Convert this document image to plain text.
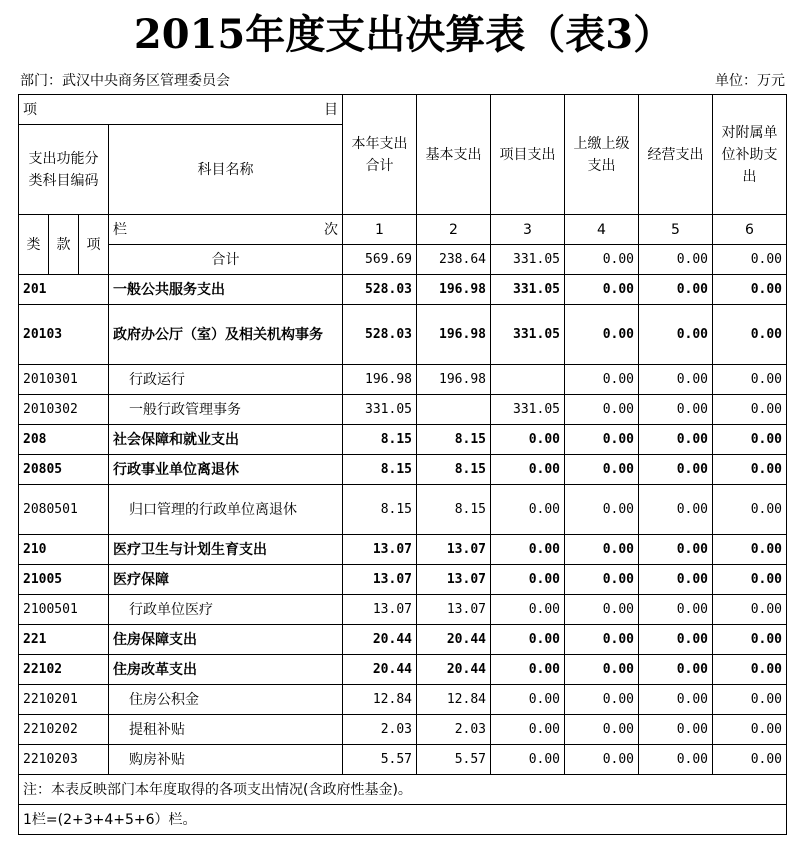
2015年度支出决算表（表3）
部门：武汉中央商务区管理委员会	单位：万元
项 目				本年支出合计	基本支出	项目支出	上缴上级支出	经营支出	对附属单位补助支出
支出功能分类科目编码			科目名称						
类	款	项	栏 次	1	2	3	4	5	6
			合计	569.69	238.64	331.05	0.00	0.00	0.00
201			一般公共服务支出	528.03	196.98	331.05	0.00	0.00	0.00
20103			政府办公厅（室）及相关机构事务	528.03	196.98	331.05	0.00	0.00	0.00
2010301			行政运行	196.98	196.98		0.00	0.00	0.00
2010302			一般行政管理事务	331.05		331.05	0.00	0.00	0.00
208			社会保障和就业支出	8.15	8.15	0.00	0.00	0.00	0.00
20805			行政事业单位离退休	8.15	8.15	0.00	0.00	0.00	0.00
2080501			归口管理的行政单位离退休	8.15	8.15	0.00	0.00	0.00	0.00
210			医疗卫生与计划生育支出	13.07	13.07	0.00	0.00	0.00	0.00
21005			医疗保障	13.07	13.07	0.00	0.00	0.00	0.00
2100501			行政单位医疗	13.07	13.07	0.00	0.00	0.00	0.00
221			住房保障支出	20.44	20.44	0.00	0.00	0.00	0.00
22102			住房改革支出	20.44	20.44	0.00	0.00	0.00	0.00
2210201			住房公积金	12.84	12.84	0.00	0.00	0.00	0.00
2210202			提租补贴	2.03	2.03	0.00	0.00	0.00	0.00
2210203			购房补贴	5.57	5.57	0.00	0.00	0.00	0.00
注：本表反映部门本年度取得的各项支出情况(含政府性基金)。									
1栏=(2+3+4+5+6）栏。									
